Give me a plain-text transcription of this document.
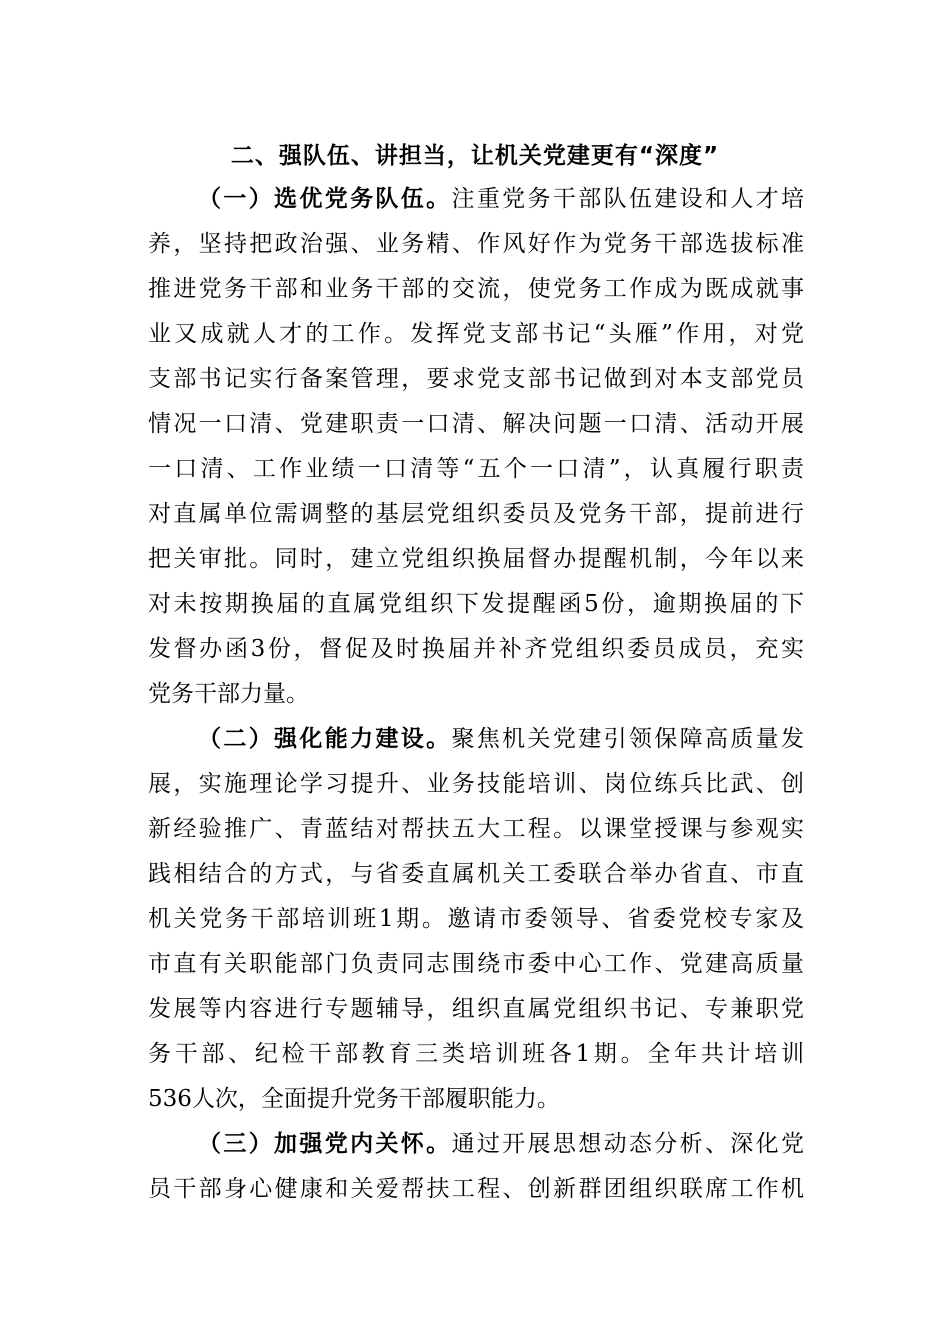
二、强队伍、讲担当，让机关党建更有“深度”
（一）选优党务队伍。注重党务干部队伍建设和人才培
养，坚持把政治强、业务精、作风好作为党务干部选拔标准
推进党务干部和业务干部的交流，使党务工作成为既成就事
业又成就人才的工作。发挥党支部书记“头雁”作用，对党
支部书记实行备案管理，要求党支部书记做到对本支部党员
情况一口清、党建职责一口清、解决问题一口清、活动开展
一口清、工作业绩一口清等“五个一口清”，认真履行职责
对直属单位需调整的基层党组织委员及党务干部，提前进行
把关审批。同时，建立党组织换届督办提醒机制，今年以来
对未按期换届的直属党组织下发提醒函5份，逾期换届的下
发督办函3份，督促及时换届并补齐党组织委员成员，充实
党务干部力量。
（二）强化能力建设。聚焦机关党建引领保障高质量发
展，实施理论学习提升、业务技能培训、岗位练兵比武、创
新经验推广、青蓝结对帮扶五大工程。以课堂授课与参观实
践相结合的方式，与省委直属机关工委联合举办省直、市直
机关党务干部培训班1期。邀请市委领导、省委党校专家及
市直有关职能部门负责同志围绕市委中心工作、党建高质量
发展等内容进行专题辅导，组织直属党组织书记、专兼职党
务干部、纪检干部教育三类培训班各1期。全年共计培训
536人次，全面提升党务干部履职能力。
（三）加强党内关怀。通过开展思想动态分析、深化党
员干部身心健康和关爱帮扶工程、创新群团组织联席工作机
